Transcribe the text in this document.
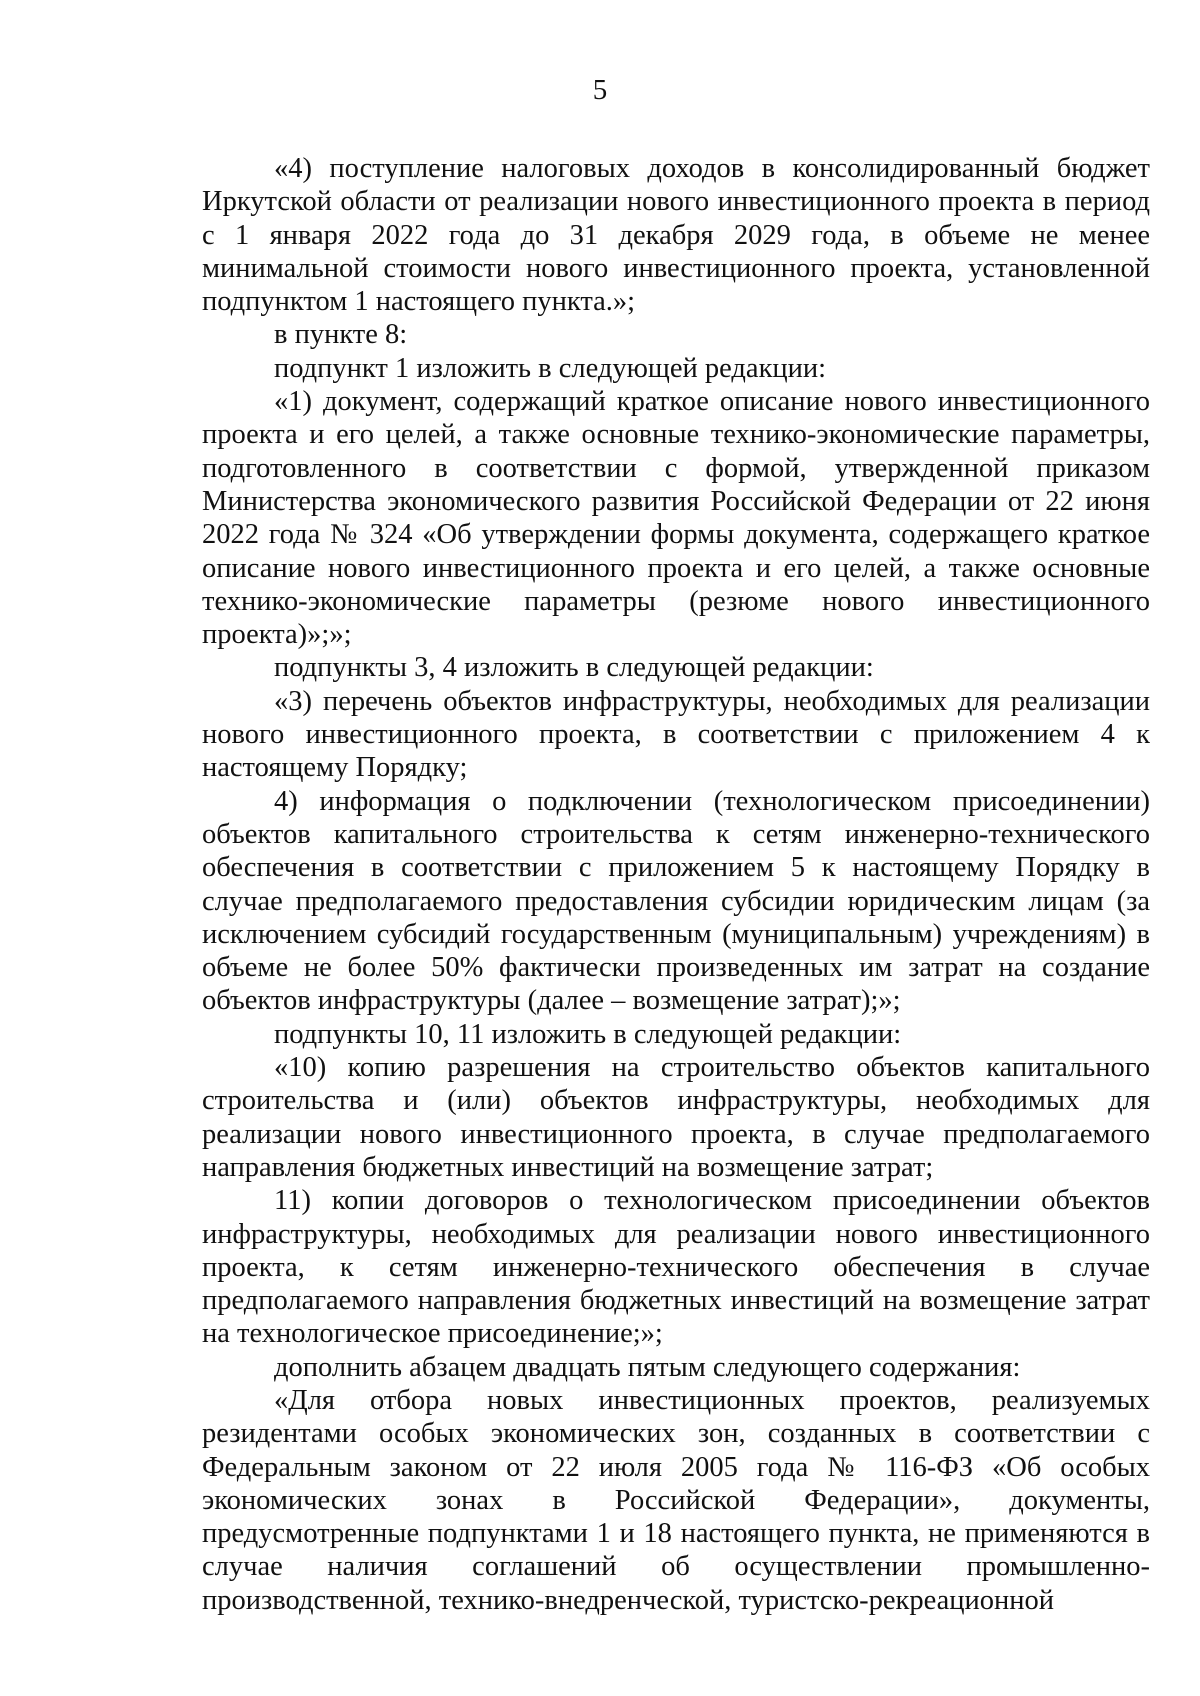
5

«4) поступление налоговых доходов в консолидированный бюджет Иркутской области от реализации нового инвестиционного проекта в период с 1 января 2022 года до 31 декабря 2029 года, в объеме не менее минимальной стоимости нового инвестиционного проекта, установленной подпунктом 1 настоящего пункта.»;

в пункте 8:

подпункт 1 изложить в следующей редакции:

«1) документ, содержащий краткое описание нового инвестиционного проекта и его целей, а также основные технико-экономические параметры, подготовленного в соответствии с формой, утвержденной приказом Министерства экономического развития Российской Федерации от 22 июня 2022 года № 324 «Об утверждении формы документа, содержащего краткое описание нового инвестиционного проекта и его целей, а также основные технико-экономические параметры (резюме нового инвестиционного проекта)»;»;

подпункты 3, 4 изложить в следующей редакции:

«3) перечень объектов инфраструктуры, необходимых для реализации нового инвестиционного проекта, в соответствии с приложением 4 к настоящему Порядку;

4) информация о подключении (технологическом присоединении) объектов капитального строительства к сетям инженерно-технического обеспечения в соответствии с приложением 5 к настоящему Порядку в случае предполагаемого предоставления субсидии юридическим лицам (за исключением субсидий государственным (муниципальным) учреждениям) в объеме не более 50% фактически произведенных им затрат на создание объектов инфраструктуры (далее – возмещение затрат);»;

подпункты 10, 11 изложить в следующей редакции:

«10) копию разрешения на строительство объектов капитального строительства и (или) объектов инфраструктуры, необходимых для реализации нового инвестиционного проекта, в случае предполагаемого направления бюджетных инвестиций на возмещение затрат;

11) копии договоров о технологическом присоединении объектов инфраструктуры, необходимых для реализации нового инвестиционного проекта, к сетям инженерно-технического обеспечения в случае предполагаемого направления бюджетных инвестиций на возмещение затрат на технологическое присоединение;»;

дополнить абзацем двадцать пятым следующего содержания:

«Для отбора новых инвестиционных проектов, реализуемых резидентами особых экономических зон, созданных в соответствии с Федеральным законом от 22 июля 2005 года № 116-ФЗ «Об особых экономических зонах в Российской Федерации», документы, предусмотренные подпунктами 1 и 18 настоящего пункта, не применяются в случае наличия соглашений об осуществлении промышленно-производственной, технико-внедренческой, туристско-рекреационной
